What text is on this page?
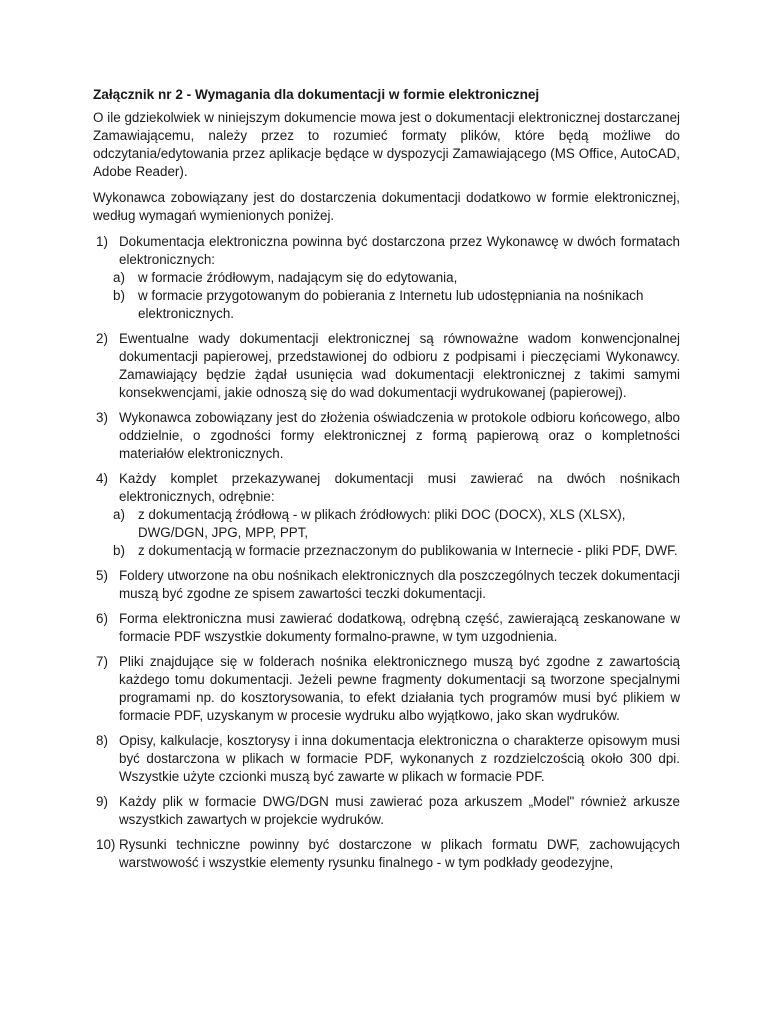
Załącznik nr 2 - Wymagania dla dokumentacji w formie elektronicznej

O ile gdziekolwiek w niniejszym dokumencie mowa jest o dokumentacji elektronicznej dostarczanej Zamawiającemu, należy przez to rozumieć formaty plików, które będą możliwe do odczytania/edytowania przez aplikacje będące w dyspozycji Zamawiającego (MS Office, AutoCAD, Adobe Reader).

Wykonawca zobowiązany jest do dostarczenia dokumentacji dodatkowo w formie elektronicznej, według wymagań wymienionych poniżej.

1) Dokumentacja elektroniczna powinna być dostarczona przez Wykonawcę w dwóch formatach elektronicznych:
a) w formacie źródłowym, nadającym się do edytowania,
b) w formacie przygotowanym do pobierania z Internetu lub udostępniania na nośnikach elektronicznych.
2) Ewentualne wady dokumentacji elektronicznej są równoważne wadom konwencjonalnej dokumentacji papierowej, przedstawionej do odbioru z podpisami i pieczęciami Wykonawcy. Zamawiający będzie żądał usunięcia wad dokumentacji elektronicznej z takimi samymi konsekwencjami, jakie odnoszą się do wad dokumentacji wydrukowanej (papierowej).
3) Wykonawca zobowiązany jest do złożenia oświadczenia w protokole odbioru końcowego, albo oddzielnie, o zgodności formy elektronicznej z formą papierową oraz o kompletności materiałów elektronicznych.
4) Każdy komplet przekazywanej dokumentacji musi zawierać na dwóch nośnikach elektronicznych, odrębnie:
a) z dokumentacją źródłową - w plikach źródłowych: pliki DOC (DOCX), XLS (XLSX), DWG/DGN, JPG, MPP, PPT,
b) z dokumentacją w formacie przeznaczonym do publikowania w Internecie - pliki PDF, DWF.
5) Foldery utworzone na obu nośnikach elektronicznych dla poszczególnych teczek dokumentacji muszą być zgodne ze spisem zawartości teczki dokumentacji.
6) Forma elektroniczna musi zawierać dodatkową, odrębną część, zawierającą zeskanowane w formacie PDF wszystkie dokumenty formalno-prawne, w tym uzgodnienia.
7) Pliki znajdujące się w folderach nośnika elektronicznego muszą być zgodne z zawartością każdego tomu dokumentacji. Jeżeli pewne fragmenty dokumentacji są tworzone specjalnymi programami np. do kosztorysowania, to efekt działania tych programów musi być plikiem w formacie PDF, uzyskanym w procesie wydruku albo wyjątkowo, jako skan wydruków.
8) Opisy, kalkulacje, kosztorysy i inna dokumentacja elektroniczna o charakterze opisowym musi być dostarczona w plikach w formacie PDF, wykonanych z rozdzielczością około 300 dpi. Wszystkie użyte czcionki muszą być zawarte w plikach w formacie PDF.
9) Każdy plik w formacie DWG/DGN musi zawierać poza arkuszem „Model" również arkusze wszystkich zawartych w projekcie wydruków.
10) Rysunki techniczne powinny być dostarczone w plikach formatu DWF, zachowujących warstwowość i wszystkie elementy rysunku finalnego - w tym podkłady geodezyjne,
